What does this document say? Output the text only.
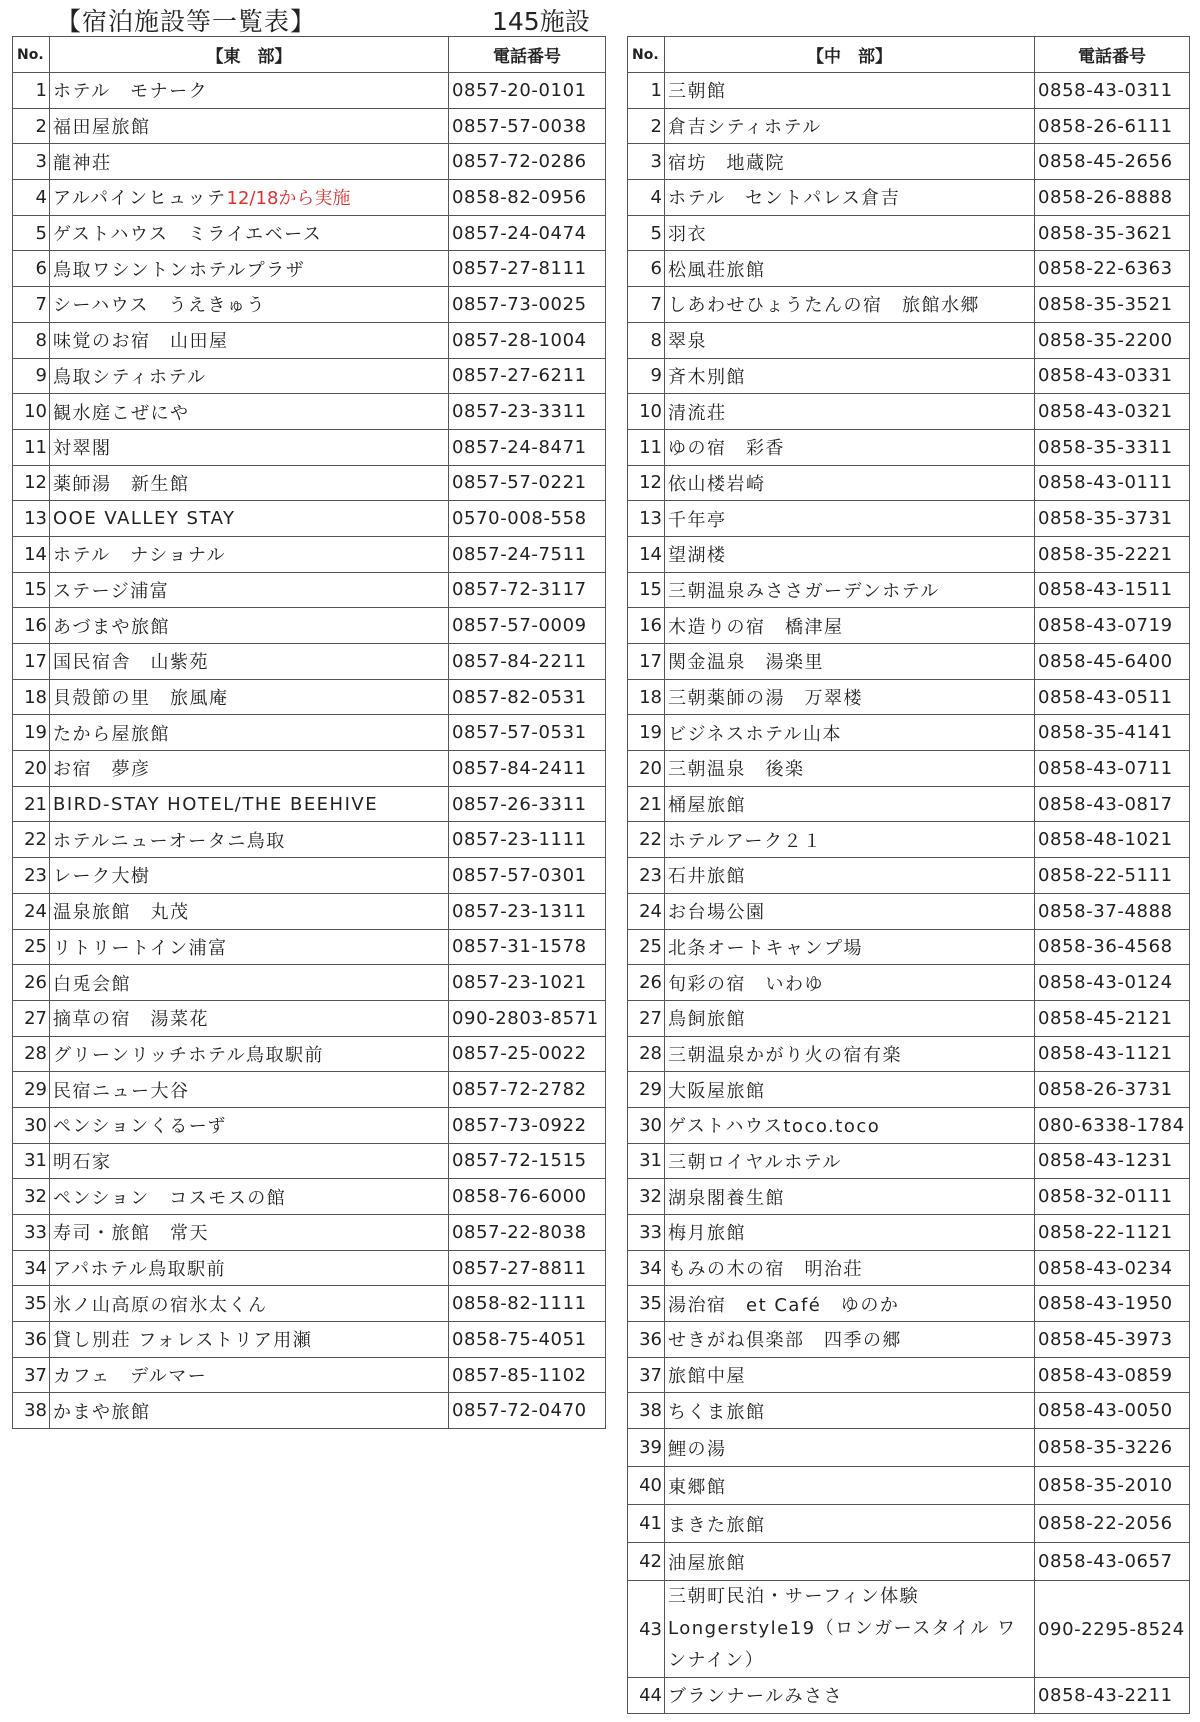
【宿泊施設等一覧表】	145施設
No.	【東　部】	電話番号
1	ホテル　モナーク	0857-20-0101
2	福田屋旅館	0857-57-0038
3	龍神荘	0857-72-0286
4	アルパインヒュッテ12/18から実施	0858-82-0956
5	ゲストハウス　ミライエベース	0857-24-0474
6	鳥取ワシントンホテルプラザ	0857-27-8111
7	シーハウス　うえきゅう	0857-73-0025
8	味覚のお宿　山田屋	0857-28-1004
9	鳥取シティホテル	0857-27-6211
10	観水庭こぜにや	0857-23-3311
11	対翠閣	0857-24-8471
12	薬師湯　新生館	0857-57-0221
13	OOE VALLEY STAY	0570-008-558
14	ホテル　ナショナル	0857-24-7511
15	ステージ浦富	0857-72-3117
16	あづまや旅館	0857-57-0009
17	国民宿舎　山紫苑	0857-84-2211
18	貝殻節の里　旅風庵	0857-82-0531
19	たから屋旅館	0857-57-0531
20	お宿　夢彦	0857-84-2411
21	BIRD-STAY HOTEL/THE BEEHIVE	0857-26-3311
22	ホテルニューオータニ鳥取	0857-23-1111
23	レーク大樹	0857-57-0301
24	温泉旅館　丸茂	0857-23-1311
25	リトリートイン浦富	0857-31-1578
26	白兎会館	0857-23-1021
27	摘草の宿　湯菜花	090-2803-8571
28	グリーンリッチホテル鳥取駅前	0857-25-0022
29	民宿ニュー大谷	0857-72-2782
30	ペンションくるーず	0857-73-0922
31	明石家	0857-72-1515
32	ペンション　コスモスの館	0858-76-6000
33	寿司・旅館　常天	0857-22-8038
34	アパホテル鳥取駅前	0857-27-8811
35	氷ノ山高原の宿氷太くん	0858-82-1111
36	貸し別荘 フォレストリア用瀬	0858-75-4051
37	カフェ　デルマー	0857-85-1102
38	かまや旅館	0857-72-0470
No.	【中　部】	電話番号
1	三朝館	0858-43-0311
2	倉吉シティホテル	0858-26-6111
3	宿坊　地蔵院	0858-45-2656
4	ホテル　セントパレス倉吉	0858-26-8888
5	羽衣	0858-35-3621
6	松風荘旅館	0858-22-6363
7	しあわせひょうたんの宿　旅館水郷	0858-35-3521
8	翠泉	0858-35-2200
9	斉木別館	0858-43-0331
10	清流荘	0858-43-0321
11	ゆの宿　彩香	0858-35-3311
12	依山楼岩崎	0858-43-0111
13	千年亭	0858-35-3731
14	望湖楼	0858-35-2221
15	三朝温泉みささガーデンホテル	0858-43-1511
16	木造りの宿　橋津屋	0858-43-0719
17	関金温泉　湯楽里	0858-45-6400
18	三朝薬師の湯　万翠楼	0858-43-0511
19	ビジネスホテル山本	0858-35-4141
20	三朝温泉　後楽	0858-43-0711
21	桶屋旅館	0858-43-0817
22	ホテルアーク２１	0858-48-1021
23	石井旅館	0858-22-5111
24	お台場公園	0858-37-4888
25	北条オートキャンプ場	0858-36-4568
26	旬彩の宿　いわゆ	0858-43-0124
27	鳥飼旅館	0858-45-2121
28	三朝温泉かがり火の宿有楽	0858-43-1121
29	大阪屋旅館	0858-26-3731
30	ゲストハウスtoco.toco	080-6338-1784
31	三朝ロイヤルホテル	0858-43-1231
32	湖泉閣養生館	0858-32-0111
33	梅月旅館	0858-22-1121
34	もみの木の宿　明治荘	0858-43-0234
35	湯治宿　et Café　ゆのか	0858-43-1950
36	せきがね倶楽部　四季の郷	0858-45-3973
37	旅館中屋	0858-43-0859
38	ちくま旅館	0858-43-0050
39	鯉の湯	0858-35-3226
40	東郷館	0858-35-2010
41	まきた旅館	0858-22-2056
42	油屋旅館	0858-43-0657
43	三朝町民泊・サーフィン体験 Longerstyle19（ロンガースタイル ワンナイン）	090-2295-8524
44	ブランナールみささ	0858-43-2211
